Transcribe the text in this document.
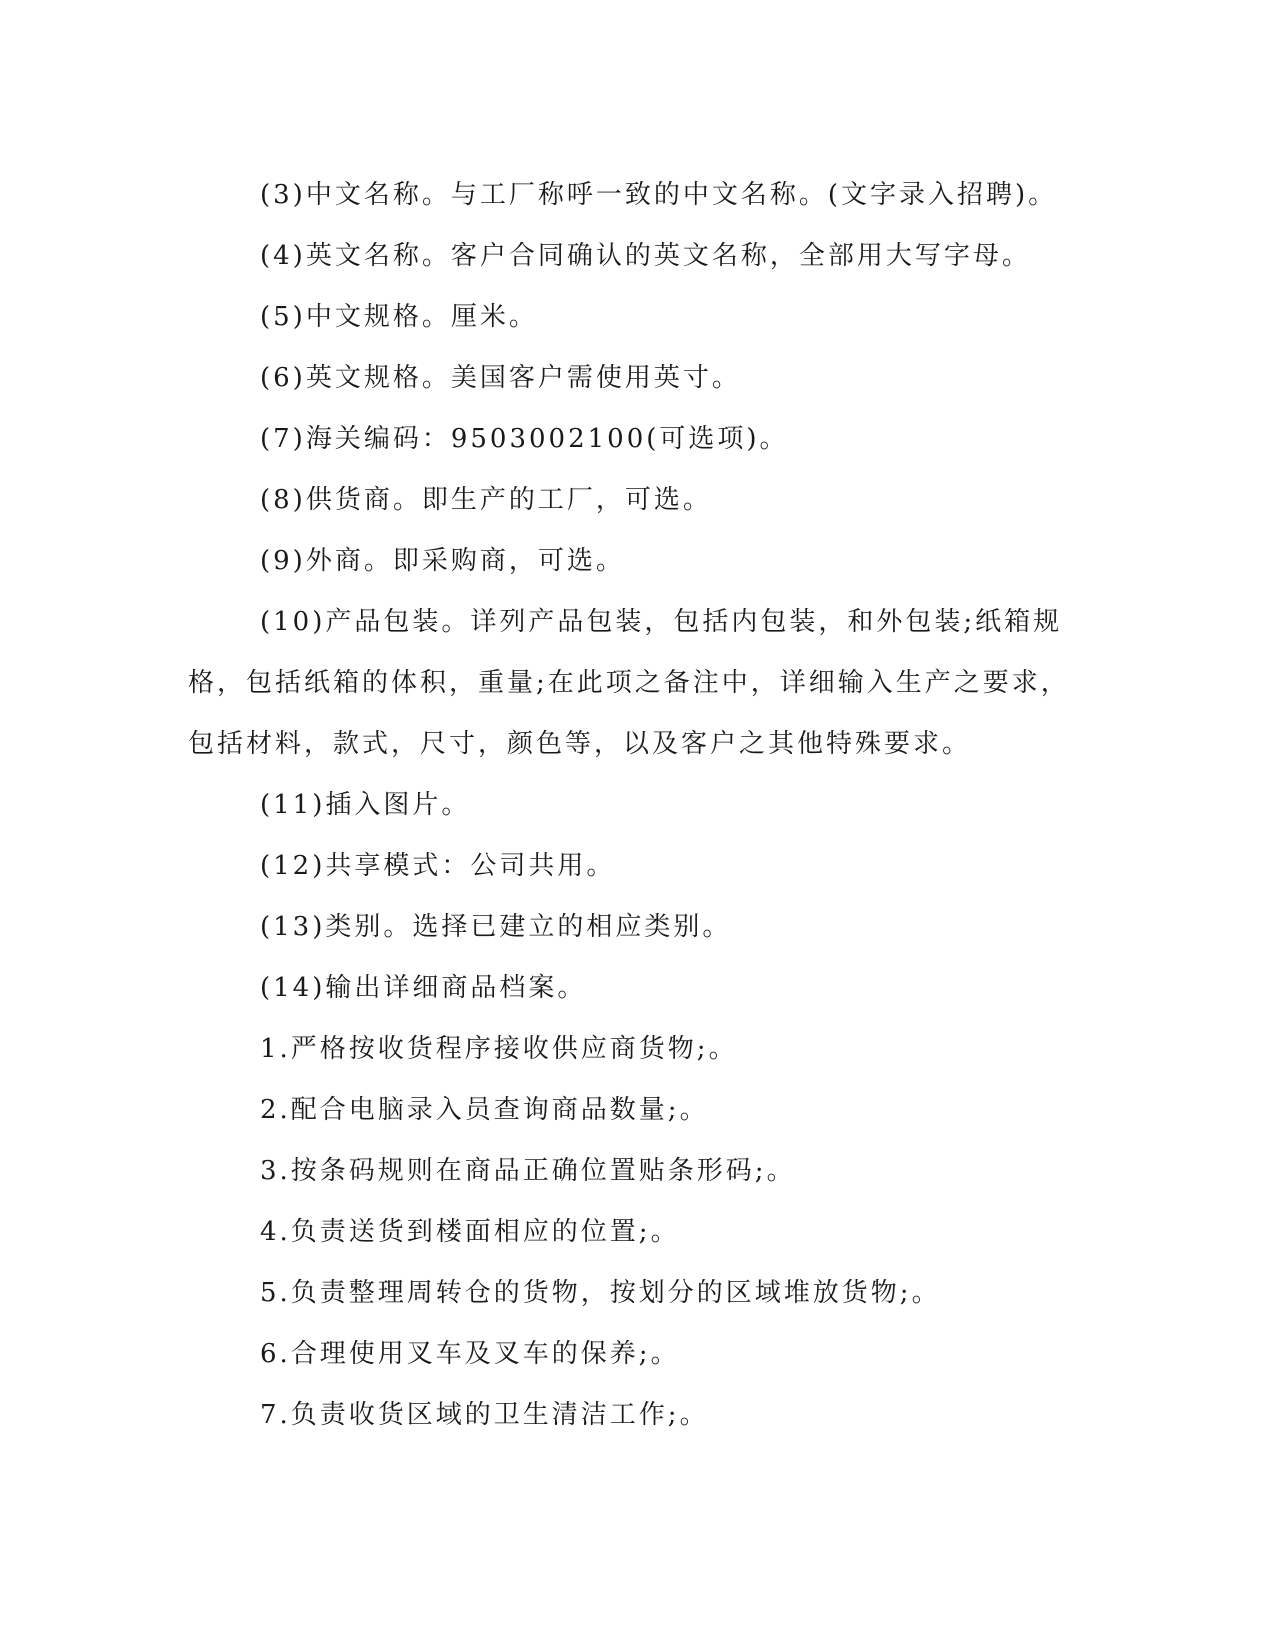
(3)中文名称。与工厂称呼一致的中文名称。(文字录入招聘)。

(4)英文名称。客户合同确认的英文名称，全部用大写字母。

(5)中文规格。厘米。

(6)英文规格。美国客户需使用英寸。

(7)海关编码：9503002100(可选项)。

(8)供货商。即生产的工厂，可选。

(9)外商。即采购商，可选。

(10)产品包装。详列产品包装，包括内包装，和外包装;纸箱规格，包括纸箱的体积，重量;在此项之备注中，详细输入生产之要求，包括材料，款式，尺寸，颜色等，以及客户之其他特殊要求。

(11)插入图片。

(12)共享模式：公司共用。

(13)类别。选择已建立的相应类别。

(14)输出详细商品档案。

1.严格按收货程序接收供应商货物;。

2.配合电脑录入员查询商品数量;。

3.按条码规则在商品正确位置贴条形码;。

4.负责送货到楼面相应的位置;。

5.负责整理周转仓的货物，按划分的区域堆放货物;。

6.合理使用叉车及叉车的保养;。

7.负责收货区域的卫生清洁工作;。
